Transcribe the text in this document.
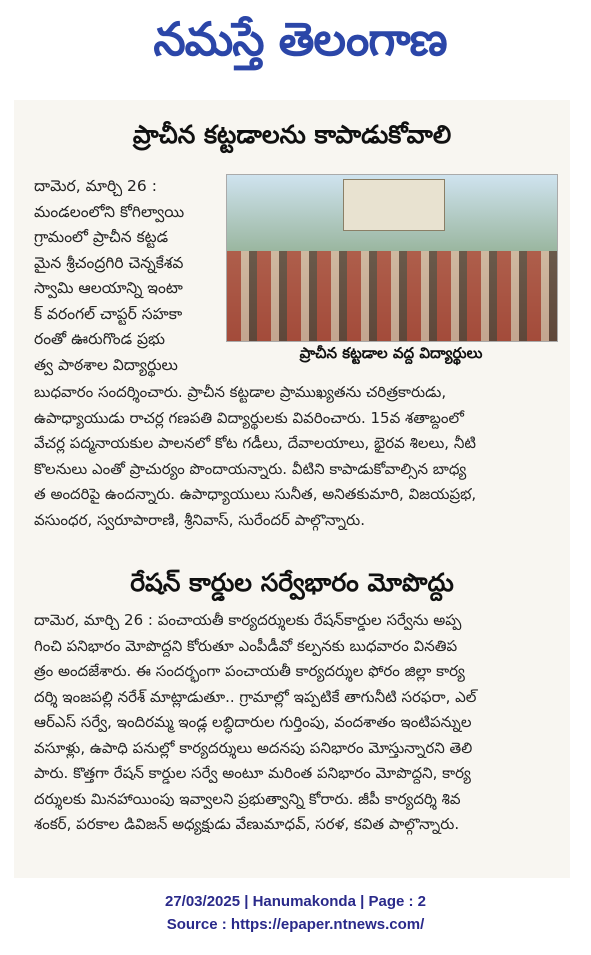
నమస్తే తెలంగాణ
ప్రాచీన కట్టడాలను కాపాడుకోవాలి
దామెర, మార్చి 26 :
మండలంలోని కోగిల్వాయి
గ్రామంలో ప్రాచీన కట్టడ
మైన శ్రీచంద్రగిరి చెన్నకేశవ
స్వామి ఆలయాన్ని ఇంటా
క్ వరంగల్ చాప్టర్ సహకా
రంతో ఊరుగొండ ప్రభు
త్వ పాఠశాల విద్యార్థులు
ప్రాచీన కట్టడాల వద్ద విద్యార్థులు
బుధవారం సందర్శించారు. ప్రాచీన కట్టడాల ప్రాముఖ్యతను చరిత్రకారుడు,
ఉపాధ్యాయుడు రాచర్ల గణపతి విద్యార్థులకు వివరించారు. 15వ శతాబ్దంలో
వేచర్ల పద్మనాయకుల పాలనలో కోట గడీలు, దేవాలయాలు, భైరవ శిలలు, నీటి
కొలనులు ఎంతో ప్రాచుర్యం పొందాయన్నారు. వీటిని కాపాడుకోవాల్సిన బాధ్య
త అందరిపై ఉందన్నారు. ఉపాధ్యాయులు సునీత, అనితకుమారి, విజయప్రభ,
వసుంధర, స్వరూపారాణి, శ్రీనివాస్, సురేందర్ పాల్గొన్నారు.
రేషన్ కార్డుల సర్వేభారం మోపొద్దు
దామెర, మార్చి 26 : పంచాయతీ కార్యదర్శులకు రేషన్‌కార్డుల సర్వేను అప్ప
గించి పనిభారం మోపొద్దని కోరుతూ ఎంపీడీవో కల్పనకు బుధవారం వినతిప
త్రం అందజేశారు. ఈ సందర్భంగా పంచాయతీ కార్యదర్శుల ఫోరం జిల్లా కార్య
దర్శి ఇంజపల్లి నరేశ్ మాట్లాడుతూ.. గ్రామాల్లో ఇప్పటికే తాగునీటి సరఫరా, ఎల్
ఆర్‌ఎస్ సర్వే, ఇందిరమ్మ ఇండ్ల లబ్ధిదారుల గుర్తింపు, వందశాతం ఇంటిపన్నుల
వసూళ్లు, ఉపాధి పనుల్లో కార్యదర్శులు అదనపు పనిభారం మోస్తున్నారని తెలి
పారు. కొత్తగా రేషన్ కార్డుల సర్వే అంటూ మరింత పనిభారం మోపొద్దని, కార్య
దర్శులకు మినహాయింపు ఇవ్వాలని ప్రభుత్వాన్ని కోరారు. జీపీ కార్యదర్శి శివ
శంకర్, పరకాల డివిజన్ అధ్యక్షుడు వేణుమాధవ్, సరళ, కవిత పాల్గొన్నారు.
27/03/2025 | Hanumakonda | Page : 2
Source : https://epaper.ntnews.com/
